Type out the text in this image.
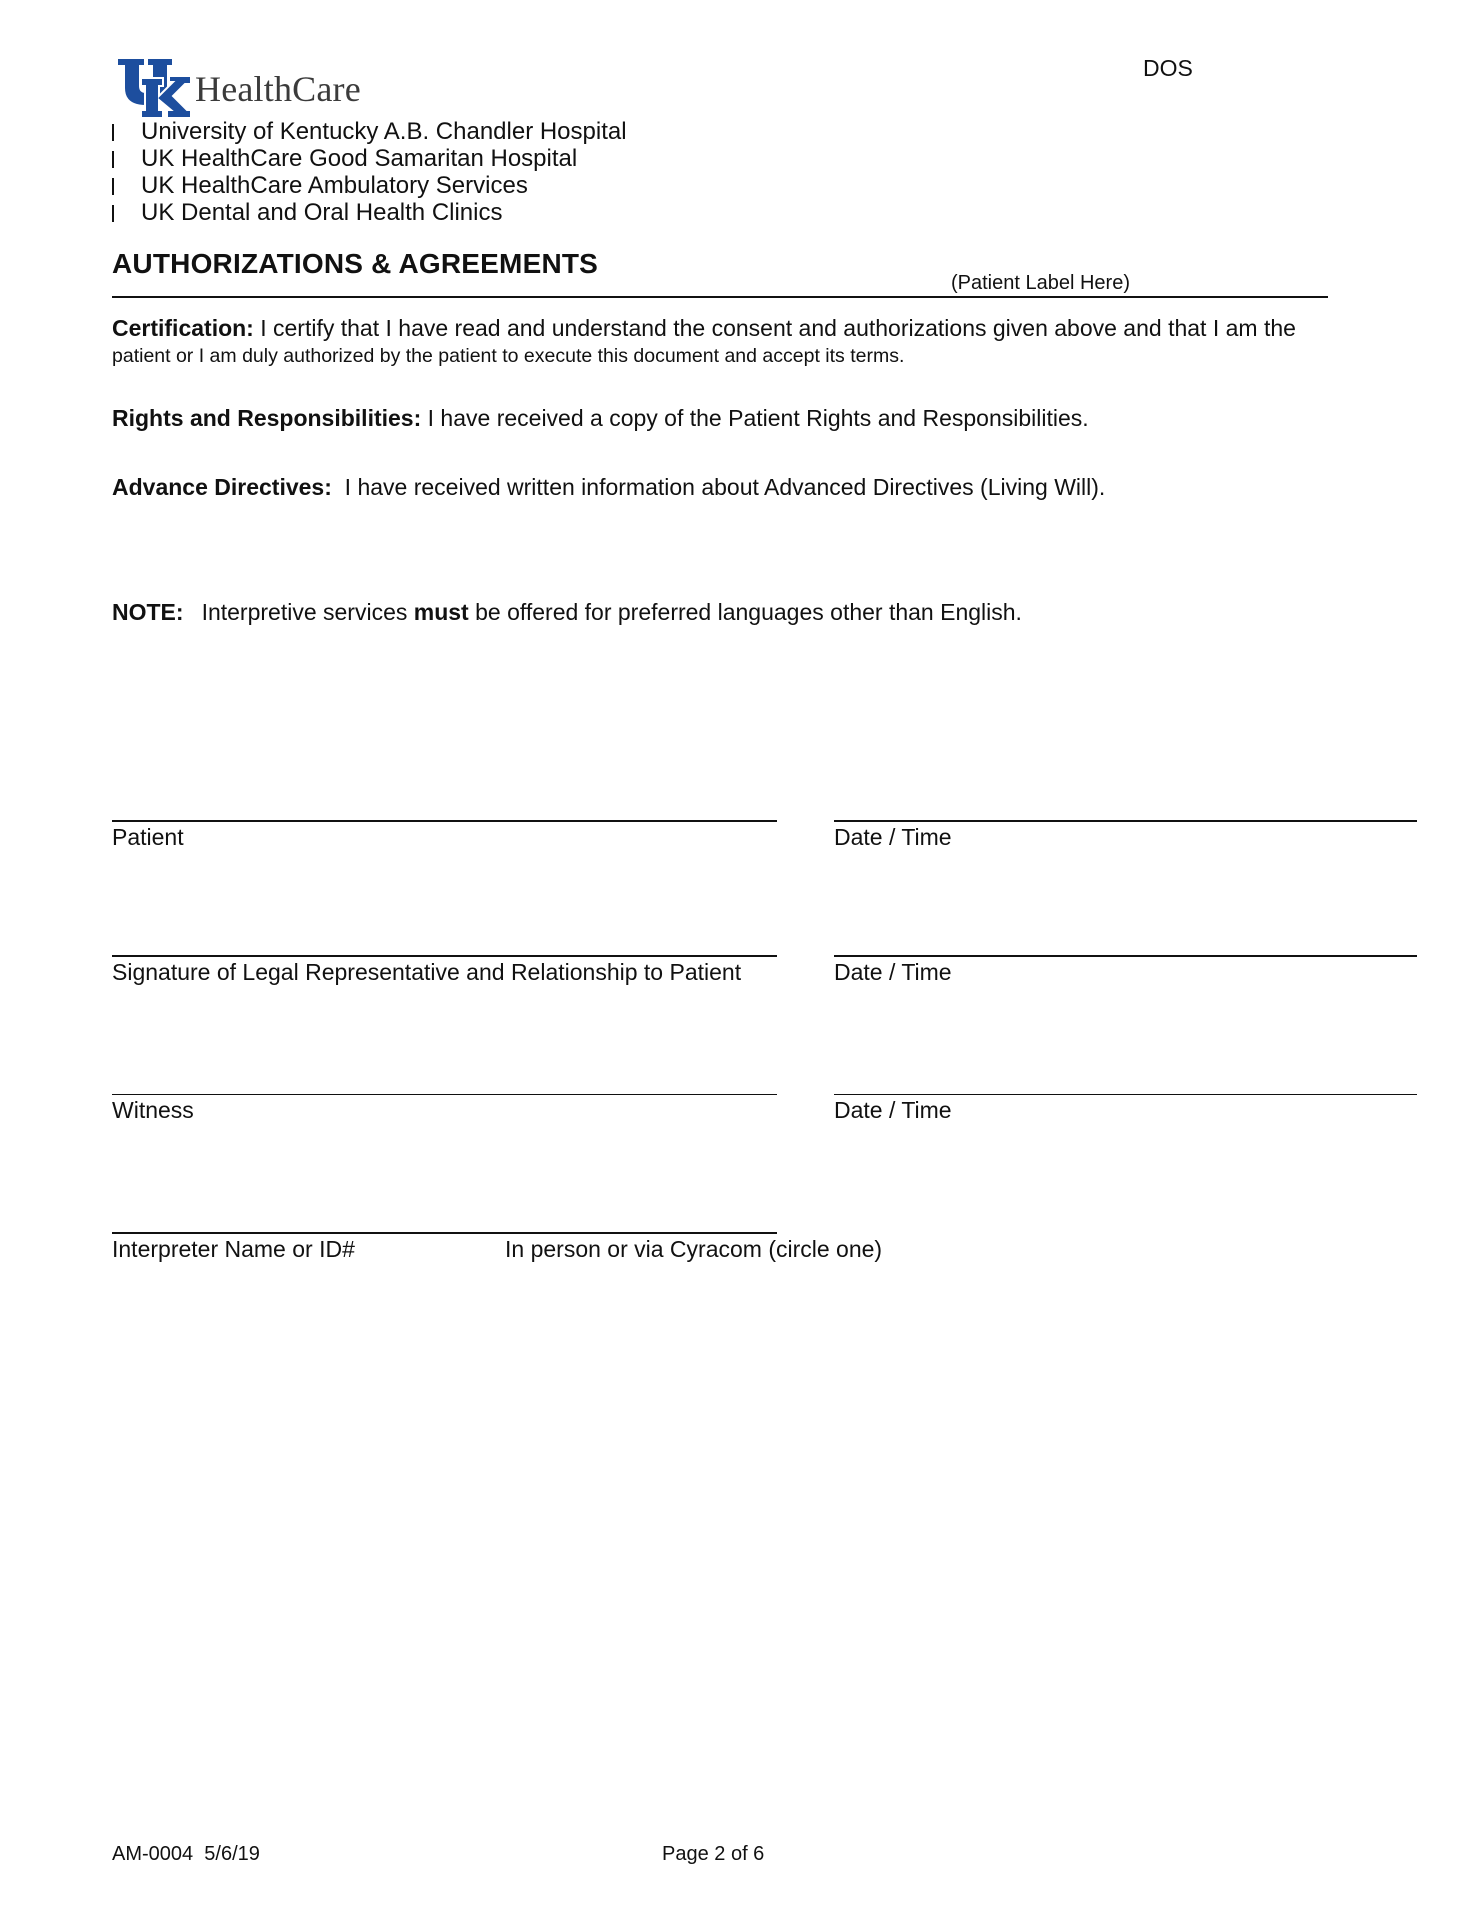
HealthCare
DOS
University of Kentucky A.B. Chandler Hospital
UK HealthCare Good Samaritan Hospital
UK HealthCare Ambulatory Services
UK Dental and Oral Health Clinics
AUTHORIZATIONS & AGREEMENTS
(Patient Label Here)
Certification: I certify that I have read and understand the consent and authorizations given above and that I am the
patient or I am duly authorized by the patient to execute this document and accept its terms.
Rights and Responsibilities: I have received a copy of the Patient Rights and Responsibilities.
Advance Directives:  I have received written information about Advanced Directives (Living Will).
NOTE: Interpretive services must be offered for preferred languages other than English.
Patient	Date / Time
Signature of Legal Representative and Relationship to Patient	Date / Time
Witness	Date / Time
Interpreter Name or ID#	In person or via Cyracom (circle one)
AM-0004  5/6/19	Page 2 of 6
